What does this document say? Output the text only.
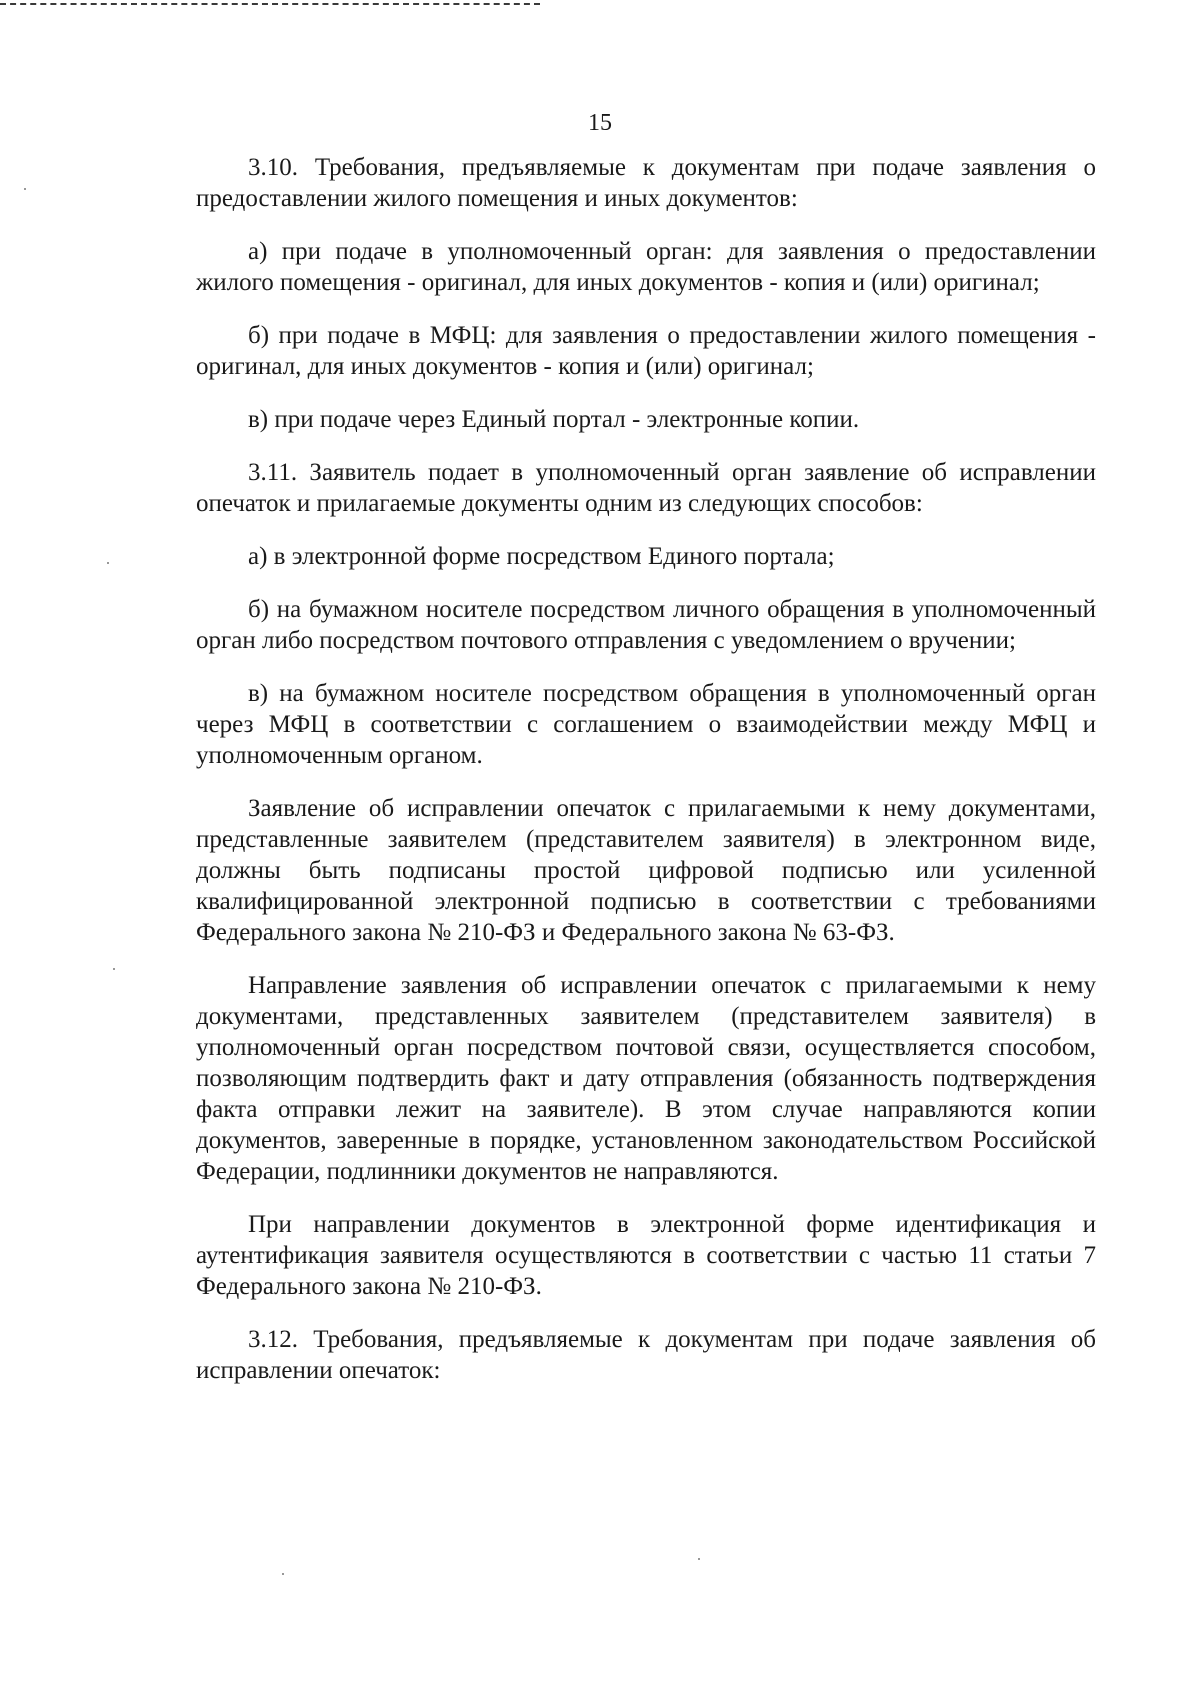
15

3.10. Требования, предъявляемые к документам при подаче заявления о предоставлении жилого помещения и иных документов:

а) при подаче в уполномоченный орган: для заявления о предоставлении жилого помещения - оригинал, для иных документов - копия и (или) оригинал;

б) при подаче в МФЦ: для заявления о предоставлении жилого помещения - оригинал, для иных документов - копия и (или) оригинал;

в) при подаче через Единый портал - электронные копии.

3.11. Заявитель подает в уполномоченный орган заявление об исправлении опечаток и прилагаемые документы одним из следующих способов:

а) в электронной форме посредством Единого портала;

б) на бумажном носителе посредством личного обращения в уполномоченный орган либо посредством почтового отправления с уведомлением о вручении;

в) на бумажном носителе посредством обращения в уполномоченный орган через МФЦ в соответствии с соглашением о взаимодействии между МФЦ и уполномоченным органом.

Заявление об исправлении опечаток с прилагаемыми к нему документами, представленные заявителем (представителем заявителя) в электронном виде, должны быть подписаны простой цифровой подписью или усиленной квалифицированной электронной подписью в соответствии с требованиями Федерального закона № 210-ФЗ и Федерального закона № 63-ФЗ.

Направление заявления об исправлении опечаток с прилагаемыми к нему документами, представленных заявителем (представителем заявителя) в уполномоченный орган посредством почтовой связи, осуществляется способом, позволяющим подтвердить факт и дату отправления (обязанность подтверждения факта отправки лежит на заявителе). В этом случае направляются копии документов, заверенные в порядке, установленном законодательством Российской Федерации, подлинники документов не направляются.

При направлении документов в электронной форме идентификация и аутентификация заявителя осуществляются в соответствии с частью 11 статьи 7 Федерального закона № 210-ФЗ.

3.12. Требования, предъявляемые к документам при подаче заявления об исправлении опечаток:
